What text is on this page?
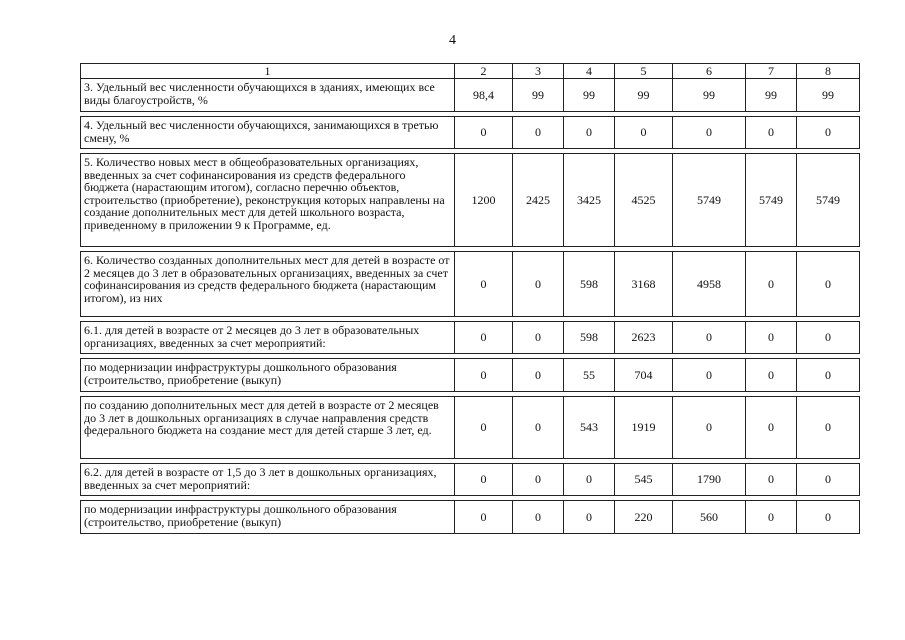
4
1	2	3	4	5	6	7	8
3. Удельный вес численности обучающихся в зданиях, имеющих все виды благоустройств, %	98,4	99	99	99	99	99	99

4. Удельный вес численности обучающихся, занимающихся в третью смену, %	0	0	0	0	0	0	0

5. Количество новых мест в общеобразовательных организациях, введенных за счет софинансирования из средств федерального бюджета (нарастающим итогом), согласно перечню объектов, строительство (приобретение), реконструкция которых направлены на создание дополнительных мест для детей школьного возраста, приведенному в приложении 9 к Программе, ед.	1200	2425	3425	4525	5749	5749	5749

6. Количество созданных дополнительных мест для детей в возрасте от 2 месяцев до 3 лет в образовательных организациях, введенных за счет софинансирования из средств федерального бюджета (нарастающим итогом), из них	0	0	598	3168	4958	0	0

6.1. для детей в возрасте от 2 месяцев до 3 лет в образовательных организациях, введенных за счет мероприятий:	0	0	598	2623	0	0	0

по модернизации инфраструктуры дошкольного образования (строительство, приобретение (выкуп)	0	0	55	704	0	0	0

по созданию дополнительных мест для детей в возрасте от 2 месяцев до 3 лет в дошкольных организациях в случае направления средств федерального бюджета на создание мест для детей старше 3 лет, ед.	0	0	543	1919	0	0	0

6.2. для детей в возрасте от 1,5 до 3 лет в дошкольных организациях, введенных за счет мероприятий:	0	0	0	545	1790	0	0

по модернизации инфраструктуры дошкольного образования (строительство, приобретение (выкуп)	0	0	0	220	560	0	0
